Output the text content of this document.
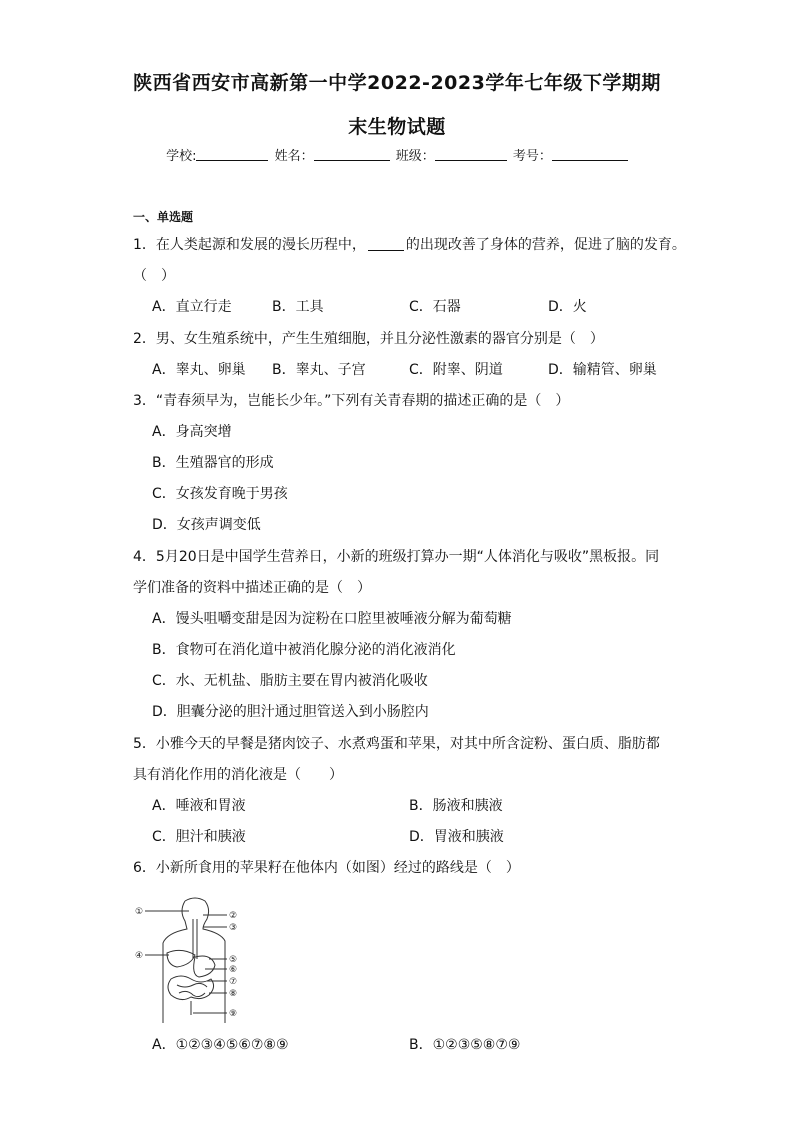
陕西省西安市高新第一中学2022-2023学年七年级下学期期
末生物试题
学校:	姓名：	班级：	考号：
一、单选题
1．在人类起源和发展的漫长历程中，	的出现改善了身体的营养，促进了脑的发育。
（　）
A．直立行走	B．工具	C．石器	D．火
2．男、女生殖系统中，产生生殖细胞，并且分泌性激素的器官分别是（　）
A．睾丸、卵巢 B．睾丸、子宫	C．附睾、阴道	D．输精管、卵巢
3．“青春须早为，岂能长少年。”下列有关青春期的描述正确的是（　）
A．身高突增
B．生殖器官的形成
C．女孩发育晚于男孩
D．女孩声调变低
4．5月20日是中国学生营养日，小新的班级打算办一期“人体消化与吸收”黑板报。同
学们准备的资料中描述正确的是（　）
A．馒头咀嚼变甜是因为淀粉在口腔里被唾液分解为葡萄糖
B．食物可在消化道中被消化腺分泌的消化液消化
C．水、无机盐、脂肪主要在胃内被消化吸收
D．胆囊分泌的胆汁通过胆管送入到小肠腔内
5．小雅今天的早餐是猪肉饺子、水煮鸡蛋和苹果，对其中所含淀粉、蛋白质、脂肪都
具有消化作用的消化液是（　　）
A．唾液和胃液	B．肠液和胰液
C．胆汁和胰液	D．胃液和胰液
6．小新所食用的苹果籽在他体内（如图）经过的路线是（　）
①	②
③
④	⑤
⑥
⑦
⑧
⑨
A．①②③④⑤⑥⑦⑧⑨	B．①②③⑤⑧⑦⑨
